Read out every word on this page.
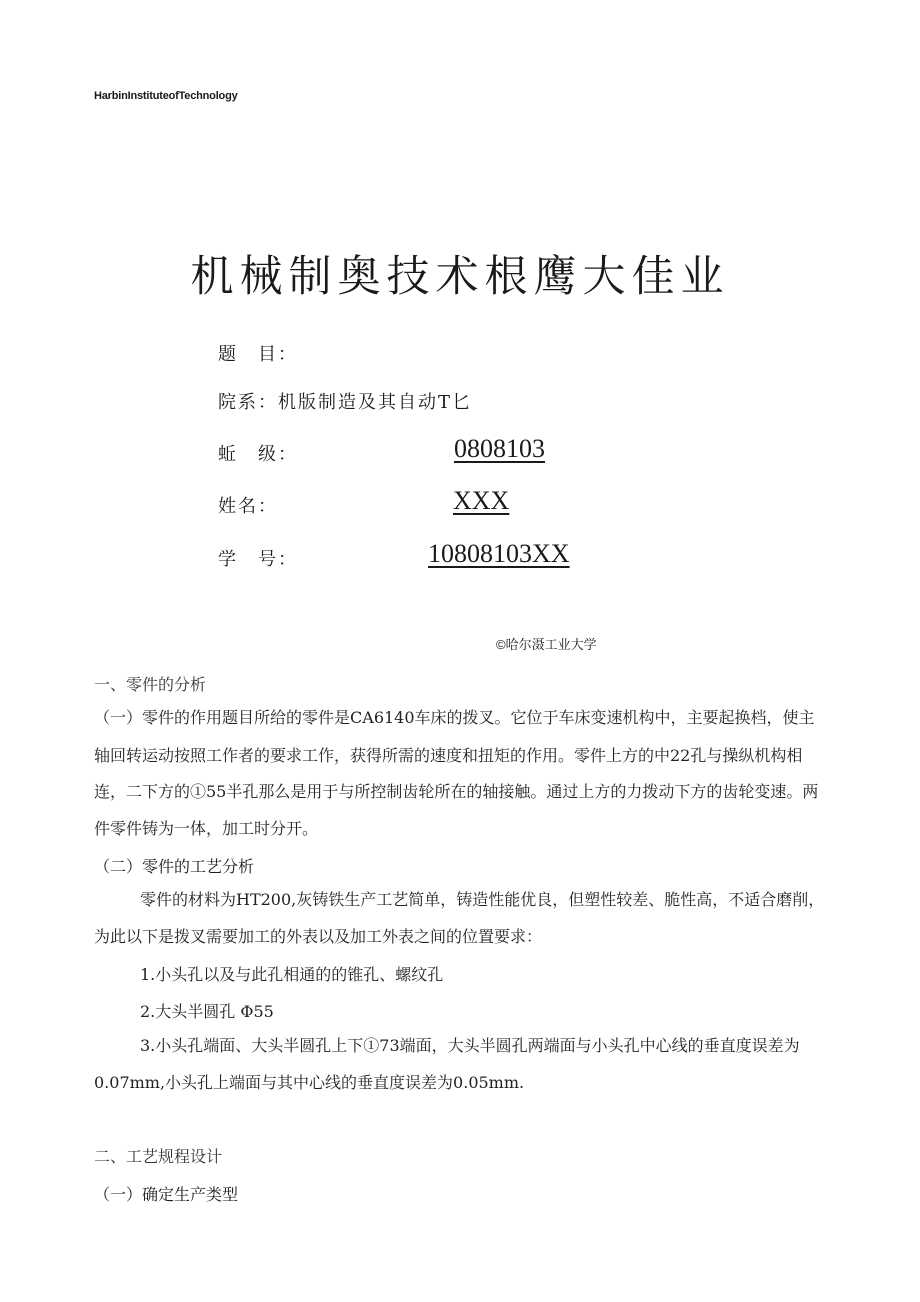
HarbinInstituteofTechnology
机械制奥技术根鹰大佳业
题　目：
院系：机版制造及其自动T匕
蚯　级：	0808103
姓名：	XXX
学　号：	10808103XX
©哈尔滠工业大学
一、零件的分析
（一）零件的作用题目所给的零件是CA6140车床的拨叉。它位于车床变速机构中，主要起换档，使主轴回转运动按照工作者的要求工作，获得所需的速度和扭矩的作用。零件上方的中22孔与操纵机构相连，二下方的①55半孔那么是用于与所控制齿轮所在的轴接触。通过上方的力拨动下方的齿轮变速。两件零件铸为一体，加工时分开。
（二）零件的工艺分析
零件的材料为HT200,灰铸铁生产工艺简单，铸造性能优良，但塑性较差、脆性高，不适合磨削，为此以下是拨叉需要加工的外表以及加工外表之间的位置要求：
1.小头孔以及与此孔相通的的锥孔、螺纹孔
2.大头半圆孔 Φ55
3.小头孔端面、大头半圆孔上下①73端面，大头半圆孔两端面与小头孔中心线的垂直度误差为0.07mm,小头孔上端面与其中心线的垂直度误差为0.05mm.
二、工艺规程设计
（一）确定生产类型
